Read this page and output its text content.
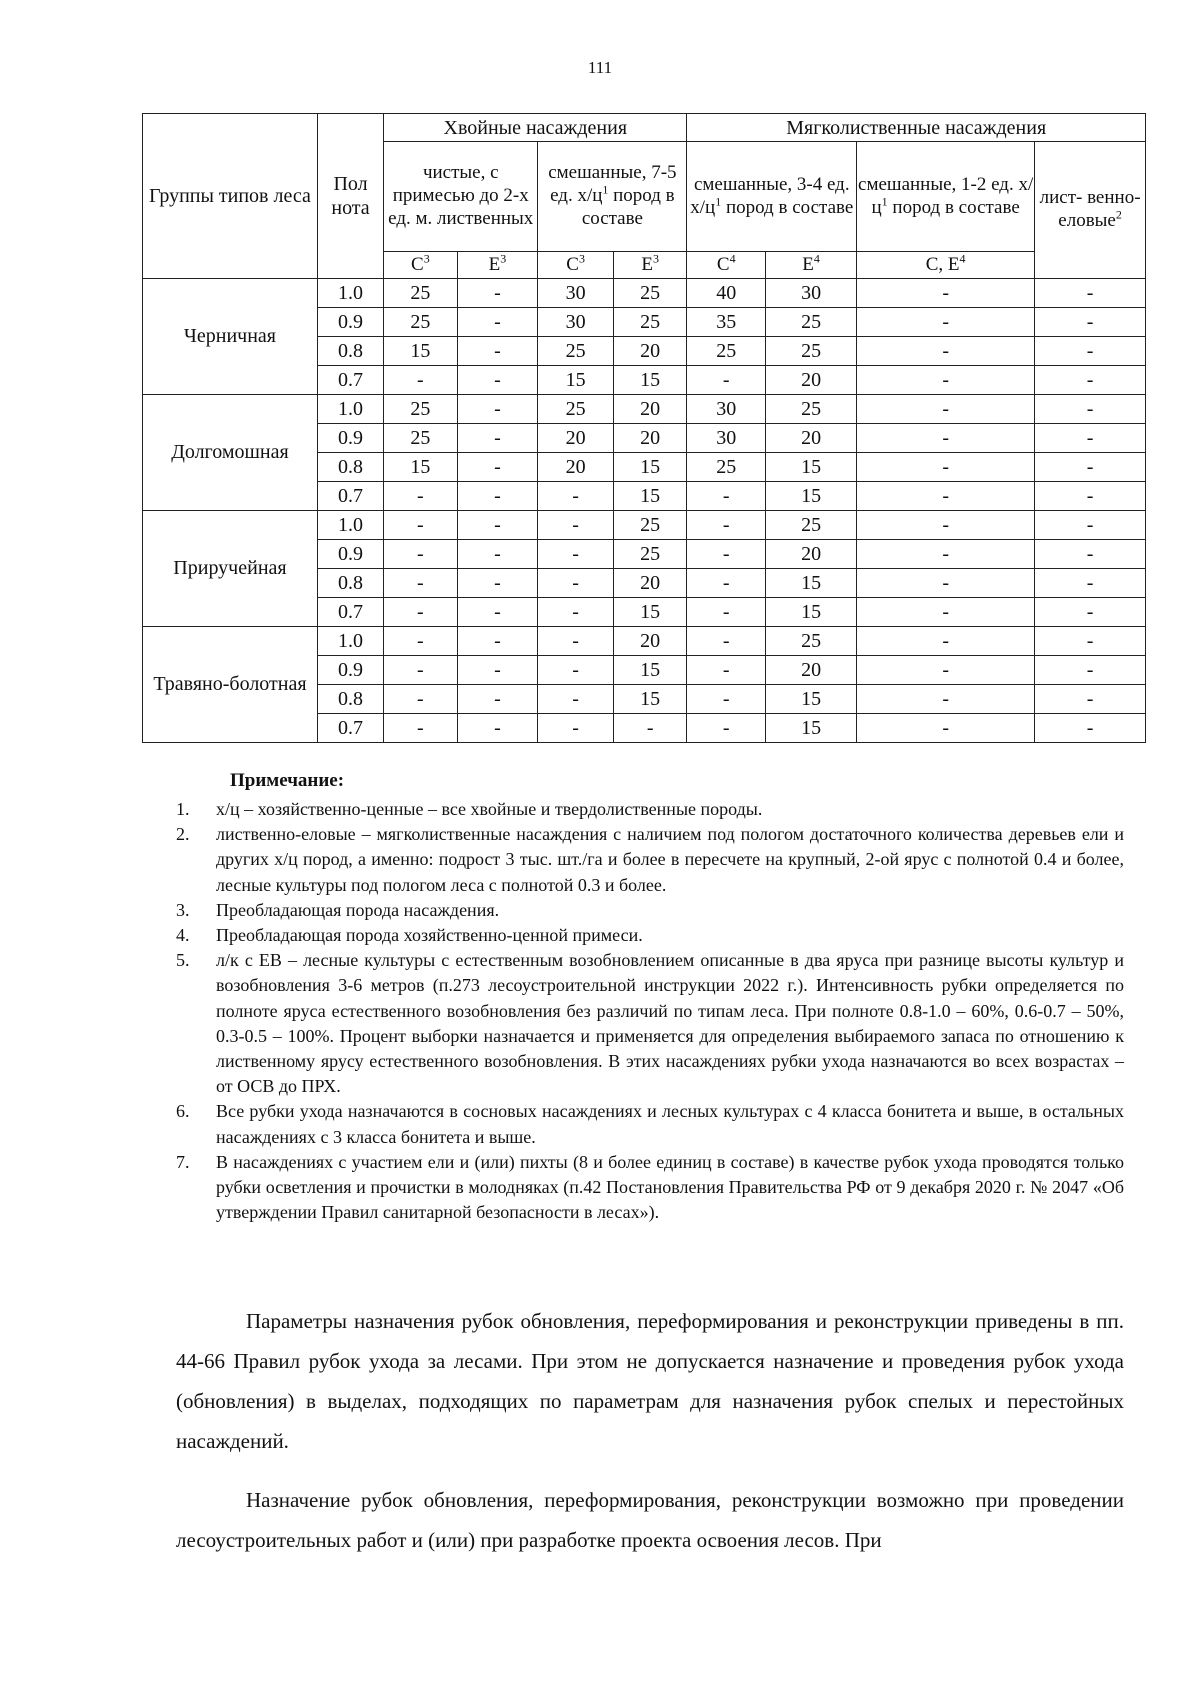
111
Группы типов леса	Пол нота	Хвойные насаждения				Мягколиственные насаждения			
		чистые, с примесью до 2-х ед. м. лиственных		смешанные, 7-5 ед. $х/ц^1$ пород в составе		смешанные, 3-4 ед. $х/ц^1$ пород в составе		смешанные, 1-2 ед. $х/ц^1$ пород в составе	лист- венно- еловые$^2$
		$С^3$	$Е^3$	$С^3$	$Е^3$	$С^4$	$Е^4$	С, $Е^4$
Черничная	1.0	25	-	30	25	40	30	-	-
	0.9	25	-	30	25	35	25	-	-
	0.8	15	-	25	20	25	25	-	-
	0.7	-	-	15	15	-	20	-	-
Долгомошная	1.0	25	-	25	20	30	25	-	-
	0.9	25	-	20	20	30	20	-	-
	0.8	15	-	20	15	25	15	-	-
	0.7	-	-	-	15	-	15	-	-
Приручейная	1.0	-	-	-	25	-	25	-	-
	0.9	-	-	-	25	-	20	-	-
	0.8	-	-	-	20	-	15	-	-
	0.7	-	-	-	15	-	15	-	-
Травяно-болотная	1.0	-	-	-	20	-	25	-	-
	0.9	-	-	-	15	-	20	-	-
	0.8	-	-	-	15	-	15	-	-
	0.7	-	-	-	-	-	15	-	-
Примечание:
1. х/ц – хозяйственно-ценные – все хвойные и твердолиственные породы.
2. лиственно-еловые – мягколиственные насаждения с наличием под пологом достаточного количества деревьев ели и других х/ц пород, а именно: подрост 3 тыс. шт./га и более в пересчете на крупный, 2-ой ярус с полнотой 0.4 и более, лесные культуры под пологом леса с полнотой 0.3 и более.
3. Преобладающая порода насаждения.
4. Преобладающая порода хозяйственно-ценной примеси.
5. л/к с ЕВ – лесные культуры с естественным возобновлением описанные в два яруса при разнице высоты культур и возобновления 3-6 метров (п.273 лесоустроительной инструкции 2022 г.). Интенсивность рубки определяется по полноте яруса естественного возобновления без различий по типам леса. При полноте 0.8-1.0 – 60%, 0.6-0.7 – 50%, 0.3-0.5 – 100%. Процент выборки назначается и применяется для определения выбираемого запаса по отношению к лиственному ярусу естественного возобновления. В этих насаждениях рубки ухода назначаются во всех возрастах – от ОСВ до ПРХ.
6. Все рубки ухода назначаются в сосновых насаждениях и лесных культурах с 4 класса бонитета и выше, в остальных насаждениях с 3 класса бонитета и выше.
7. В насаждениях с участием ели и (или) пихты (8 и более единиц в составе) в качестве рубок ухода проводятся только рубки осветления и прочистки в молодняках (п.42 Постановления Правительства РФ от 9 декабря 2020 г. № 2047 «Об утверждении Правил санитарной безопасности в лесах»).

Параметры назначения рубок обновления, переформирования и реконструкции приведены в пп. 44-66 Правил рубок ухода за лесами. При этом не допускается назначение и проведения рубок ухода (обновления) в выделах, подходящих по параметрам для назначения рубок спелых и перестойных насаждений.

Назначение рубок обновления, переформирования, реконструкции возможно при проведении лесоустроительных работ и (или) при разработке проекта освоения лесов. При
